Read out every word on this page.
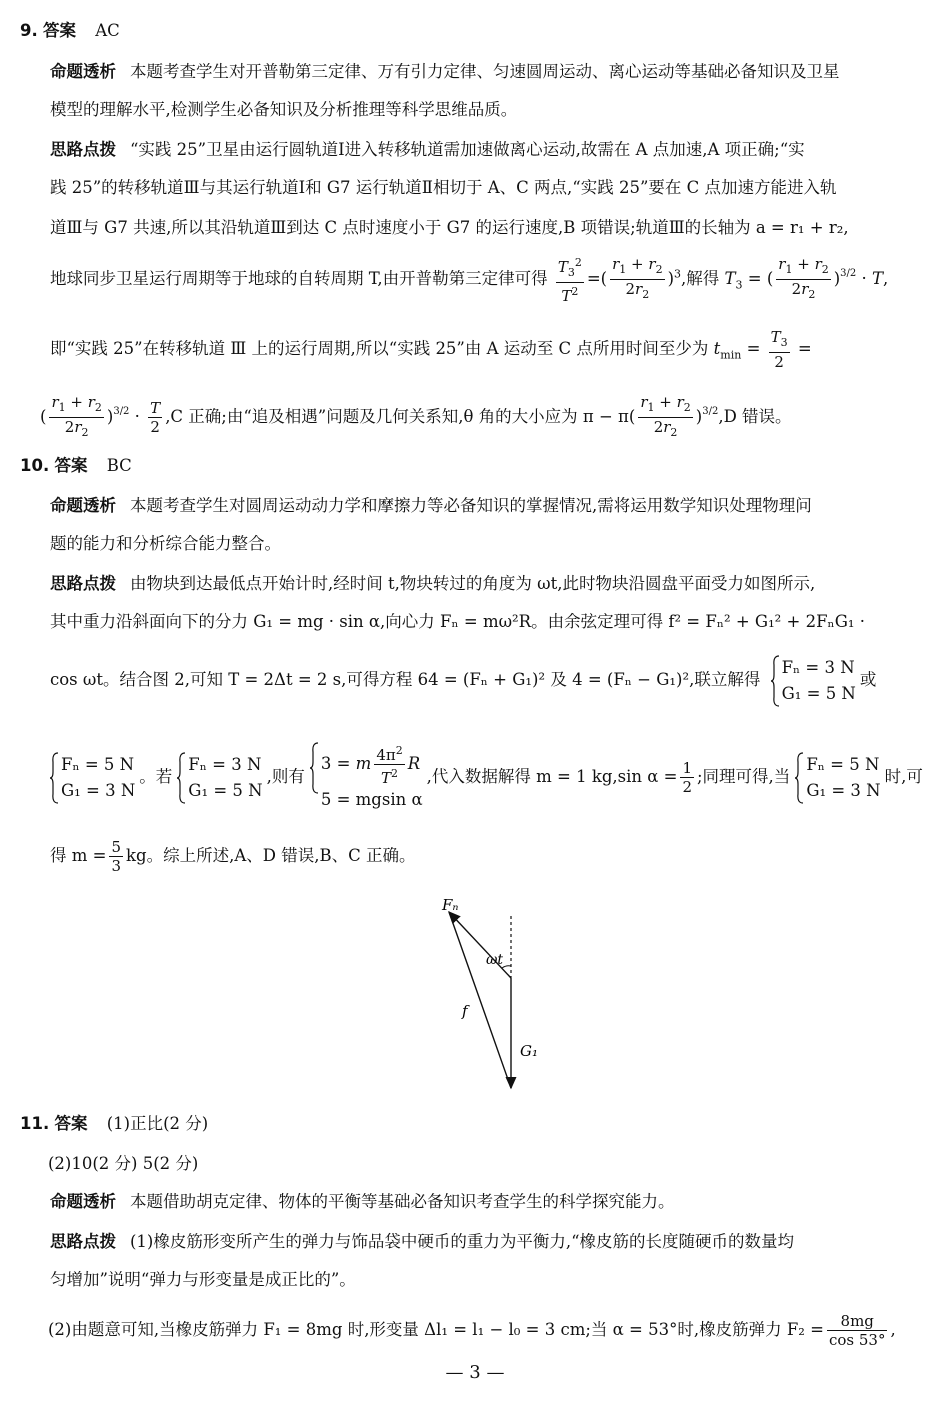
9. 答案 AC
命题透析 本题考查学生对开普勒第三定律、万有引力定律、匀速圆周运动、离心运动等基础必备知识及卫星
模型的理解水平,检测学生必备知识及分析推理等科学思维品质。
思路点拨 “实践 25”卫星由运行圆轨道Ⅰ进入转移轨道需加速做离心运动,故需在 A 点加速,A 项正确;“实
践 25”的转移轨道Ⅲ与其运行轨道Ⅰ和 G7 运行轨道Ⅱ相切于 A、C 两点,“实践 25”要在 C 点加速方能进入轨
道Ⅲ与 G7 共速,所以其沿轨道Ⅲ到达 C 点时速度小于 G7 的运行速度,B 项错误;轨道Ⅲ的长轴为 a = r₁ + r₂,
地球同步卫星运行周期等于地球的自转周期 T,由开普勒第三定律可得 $\frac{T_3^2}{T^2}$ =( $\frac{r_1 + r_2}{2r_2} )^3$,解得 $T_3$ = ( $\frac{r_1 + r_2}{2r_2} )^{3/2} \cdot T$,
即“实践 25”在转移轨道 Ⅲ 上的运行周期,所以“实践 25”由 A 运动至 C 点所用时间至少为 $t_{min} = \frac{T_3}{2}$ =
( $\frac{r_1 + r_2}{2r_2} )^{3/2} \cdot \frac{T}{2} ,C$ 正确;由“追及相遇”问题及几何关系知,θ 角的大小应为 $\pi - \pi( \frac{r_1 + r_2}{2r_2} )^{3/2},D$ 错误。
10. 答案 BC
命题透析 本题考查学生对圆周运动动力学和摩擦力等必备知识的掌握情况,需将运用数学知识处理物理问
题的能力和分析综合能力整合。
思路点拨 由物块到达最低点开始计时,经时间 t,物块转过的角度为 ωt,此时物块沿圆盘平面受力如图所示,
其中重力沿斜面向下的分力 G₁ = mg · sin α,向心力 Fₙ = mω²R。由余弦定理可得 f² = Fₙ² + G₁² + 2FₙG₁ ·
cos ωt。结合图 2,可知 T = 2Δt = 2 s,可得方程 64 = (Fₙ + G₁)² 及 4 = (Fₙ − G₁)²,联立解得
Fₙ = 3 N
G₁ = 5 N
或
Fₙ = 5 N
G₁ = 3 N
。若
Fₙ = 3 N
G₁ = 5 N
,则有
3 = m $\frac{4\pi^2}{T^2}$ R
5 = mgsin α
,代入数据解得 m = 1 kg,sin $\alpha = \frac{1}{2}$ ;同理可得,当
Fₙ = 5 N
G₁ = 3 N
时,可
得 $m = \frac{5}{3}$ kg。综上所述,A、D 错误,B、C 正确。
Fₙ
ωt
f
G₁
11. 答案 (1)正比(2 分)
(2)10(2 分) 5(2 分)
命题透析 本题借助胡克定律、物体的平衡等基础必备知识考查学生的科学探究能力。
思路点拨 (1)橡皮筋形变所产生的弹力与饰品袋中硬币的重力为平衡力,“橡皮筋的长度随硬币的数量均
匀增加”说明“弹力与形变量是成正比的”。
(2)由题意可知,当橡皮筋弹力 F₁ = 8mg 时,形变量 Δl₁ = l₁ − l₀ = 3 cm;当 α = 53°时,橡皮筋弹力 $F_2 = \frac{8mg}{\cos 53^\circ}$ ,
— 3 —
